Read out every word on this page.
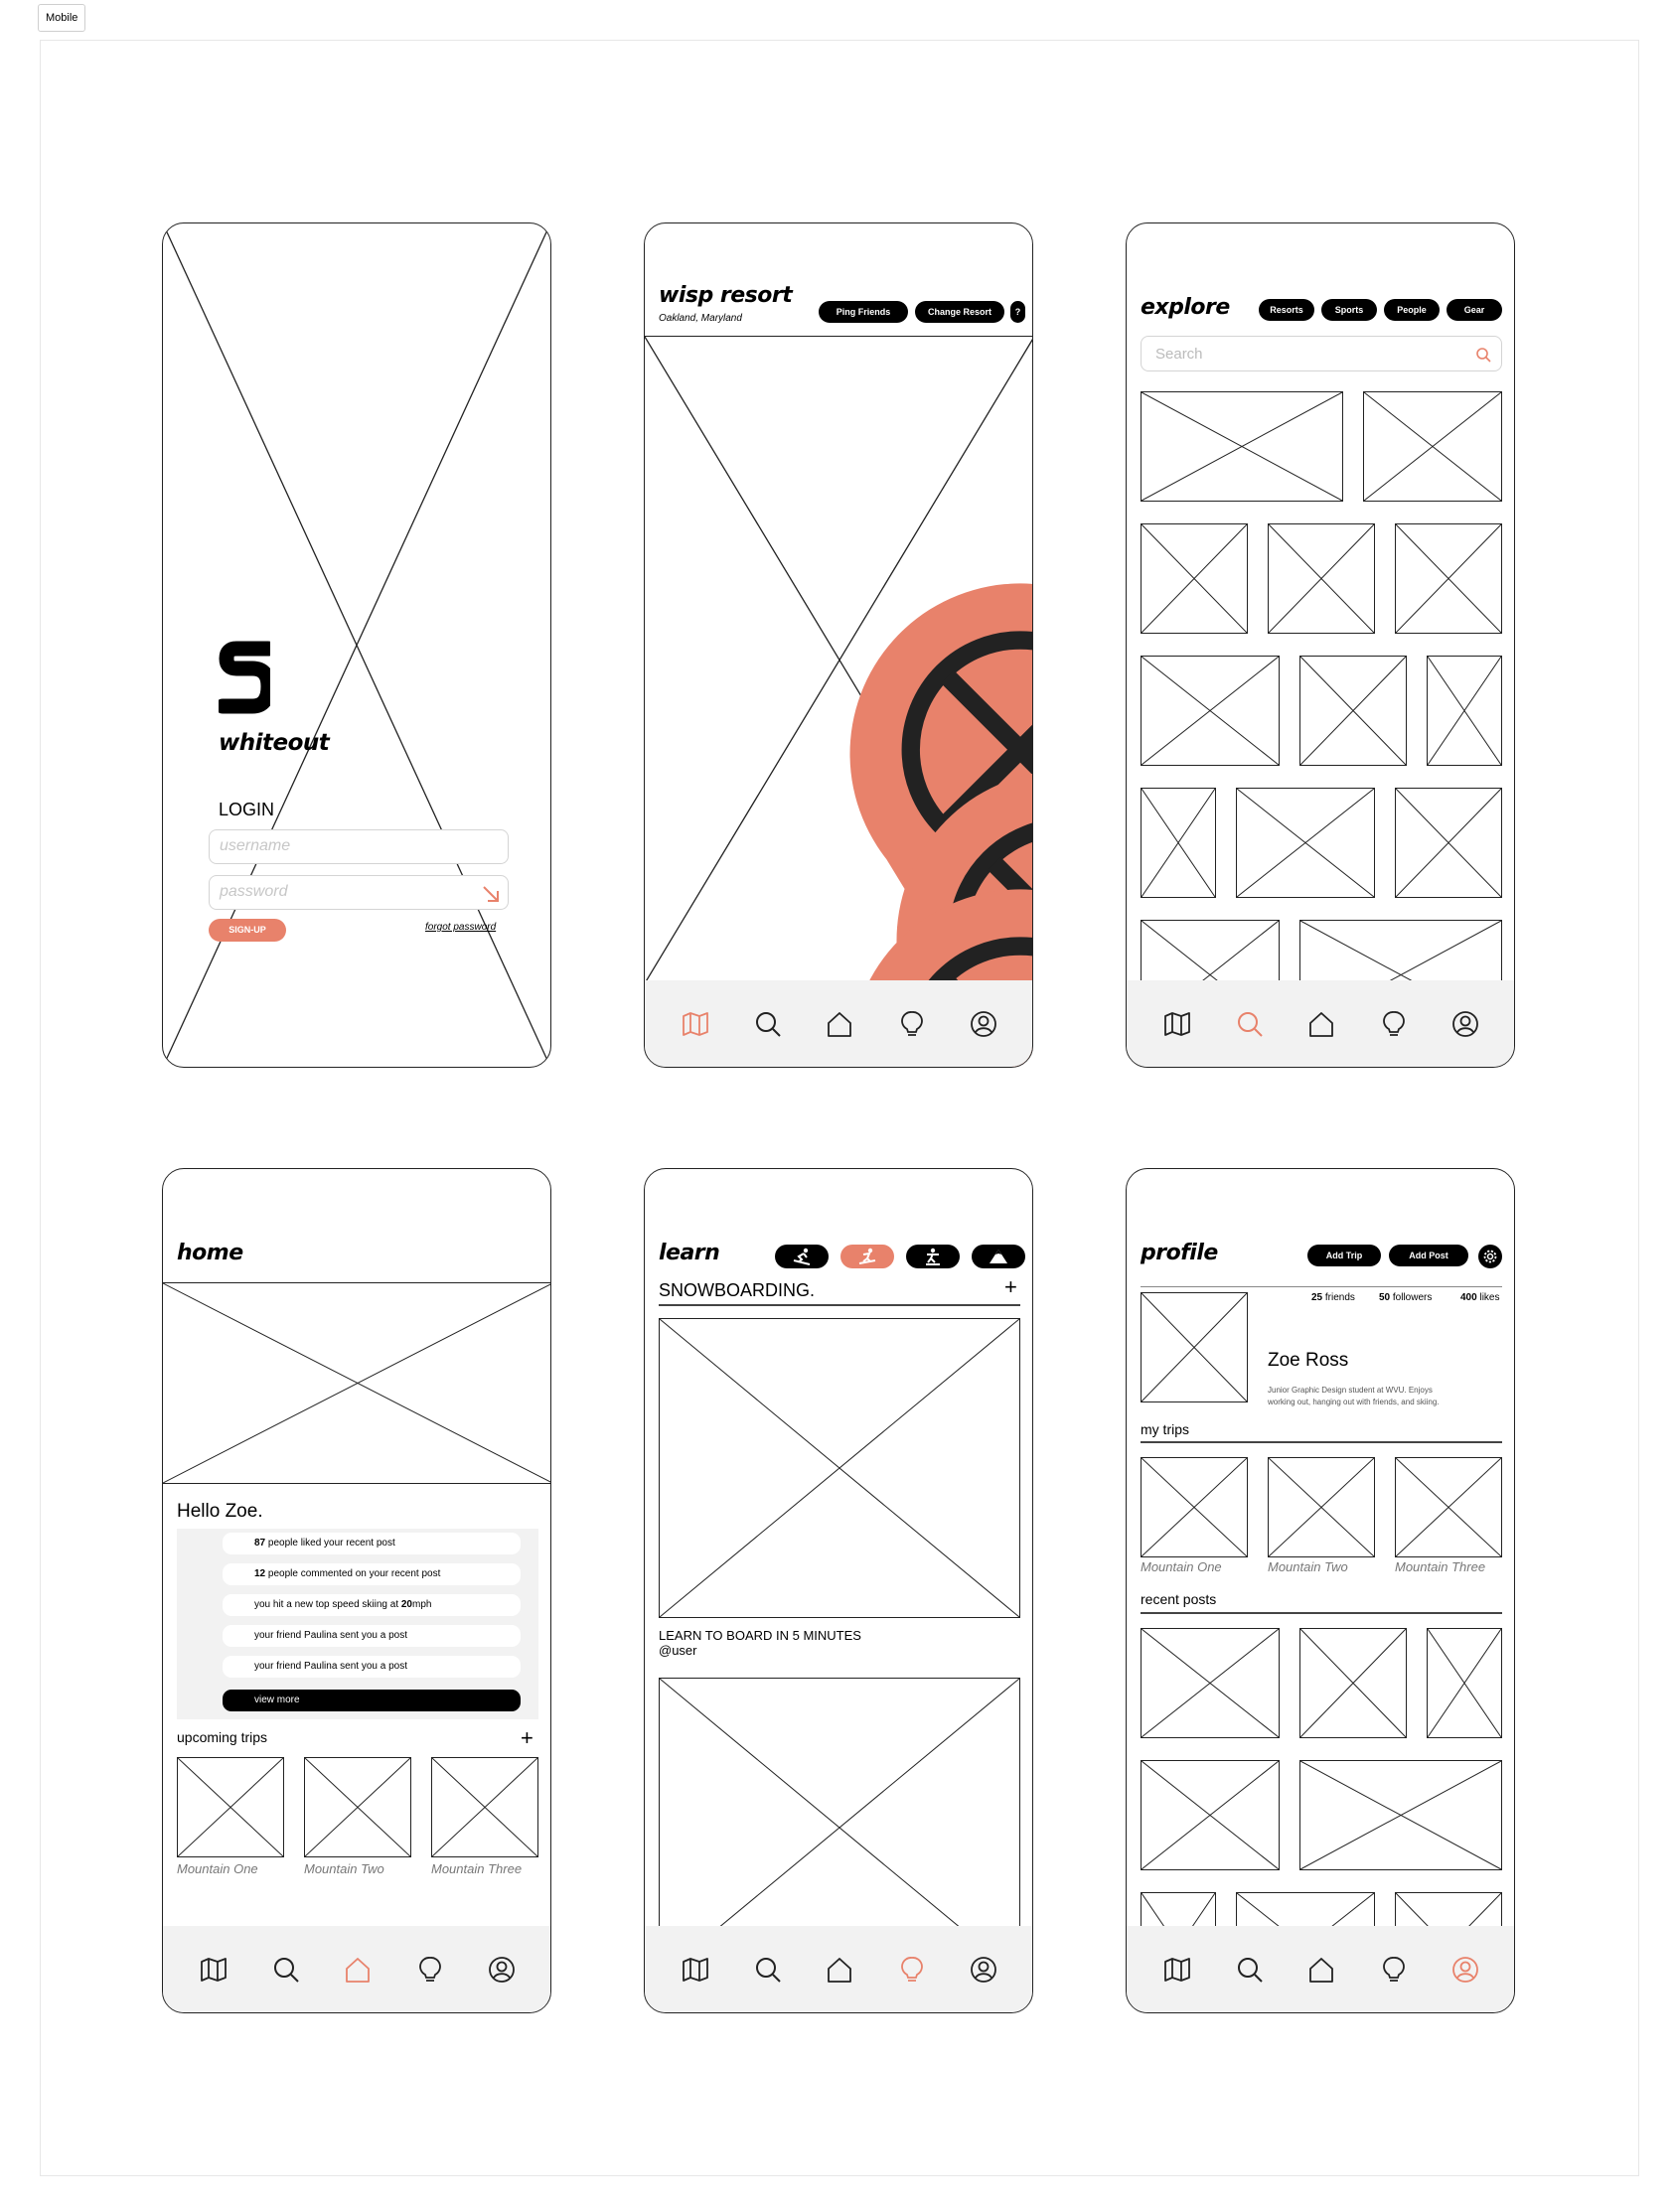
Mobile
whiteout
LOGIN
username
password
SIGN-UP	forgot password
wisp resort
Oakland, Maryland
Ping Friends	Change Resort	?	explore	Resorts	Sports	People	Gear
Search
home
Hello Zoe.
87 people liked your recent post
12 people commented on your recent post
you hit a new top speed skiing at 20mph
your friend Paulina sent you a post
your friend Paulina sent you a post
view more
upcoming trips	+
Mountain One	Mountain Two	Mountain Three
learn
SNOWBOARDING.	+
LEARN TO BOARD IN 5 MINUTES
@user
profile	Add Trip	Add Post
25 friends 50 followers	400 likes
Zoe Ross
Junior Graphic Design student at WVU. Enjoys
working out, hanging out with friends, and skiing.
my trips
Mountain One	Mountain Two	Mountain Three
recent posts
